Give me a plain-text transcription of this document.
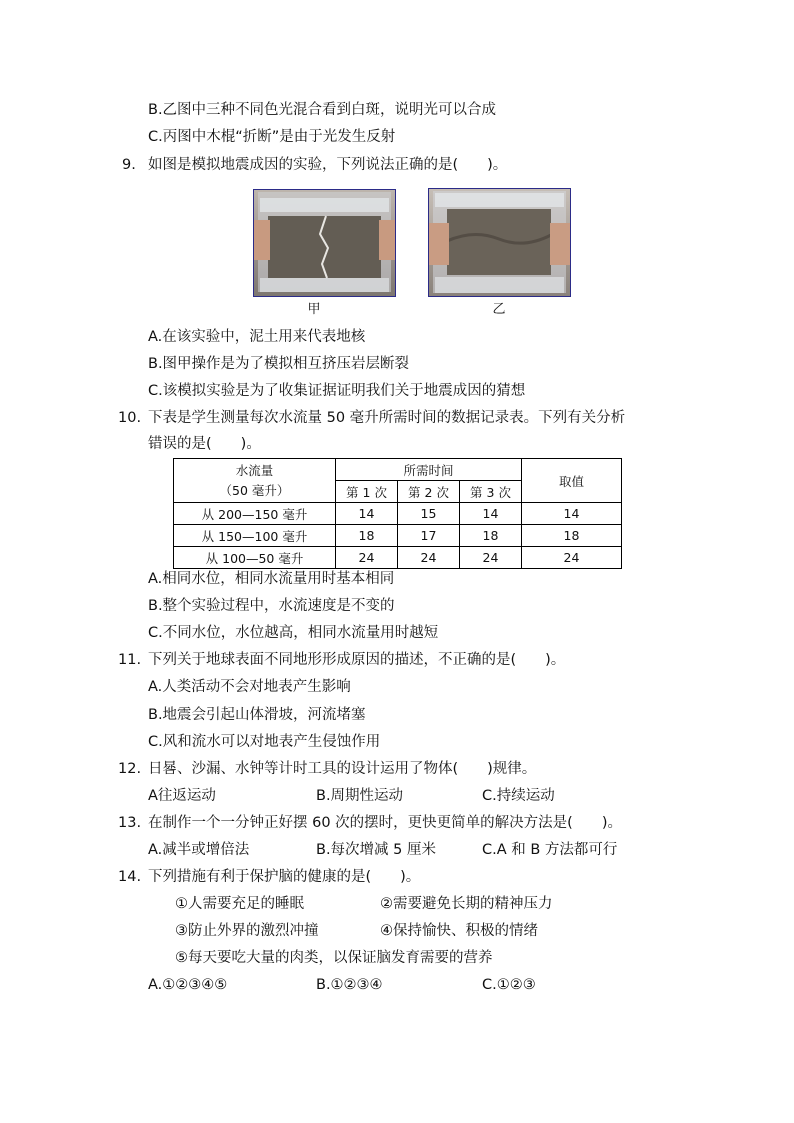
B.乙图中三种不同色光混合看到白斑，说明光可以合成
C.丙图中木棍“折断”是由于光发生反射
9. 如图是模拟地震成因的实验，下列说法正确的是(　　)。
甲	乙
A.在该实验中，泥土用来代表地核
B.图甲操作是为了模拟相互挤压岩层断裂
C.该模拟实验是为了收集证据证明我们关于地震成因的猜想
10. 下表是学生测量每次水流量 50 毫升所需时间的数据记录表。下列有关分析
错误的是(　　)。
水流量
（50 毫升）	所需时间			取值
	第 1 次	第 2 次	第 3 次	
从 200—150 毫升	14	15	14	14
从 150—100 毫升	18	17	18	18
从 100—50 毫升	24	24	24	24
A.相同水位，相同水流量用时基本相同
B.整个实验过程中，水流速度是不变的
C.不同水位，水位越高，相同水流量用时越短
11. 下列关于地球表面不同地形形成原因的描述，不正确的是(　　)。
A.人类活动不会对地表产生影响
B.地震会引起山体滑坡，河流堵塞
C.风和流水可以对地表产生侵蚀作用
12. 日晷、沙漏、水钟等计时工具的设计运用了物体(　　)规律。
A往返运动	B.周期性运动	C.持续运动
13. 在制作一个一分钟正好摆 60 次的摆时，更快更简单的解决方法是(　　)。
A.减半或增倍法	B.每次增减 5 厘米	C.A 和 B 方法都可行
14. 下列措施有利于保护脑的健康的是(　　)。
①人需要充足的睡眠	②需要避免长期的精神压力
③防止外界的激烈冲撞	④保持愉快、积极的情绪
⑤每天要吃大量的肉类，以保证脑发育需要的营养
A.①②③④⑤	B.①②③④	C.①②③
